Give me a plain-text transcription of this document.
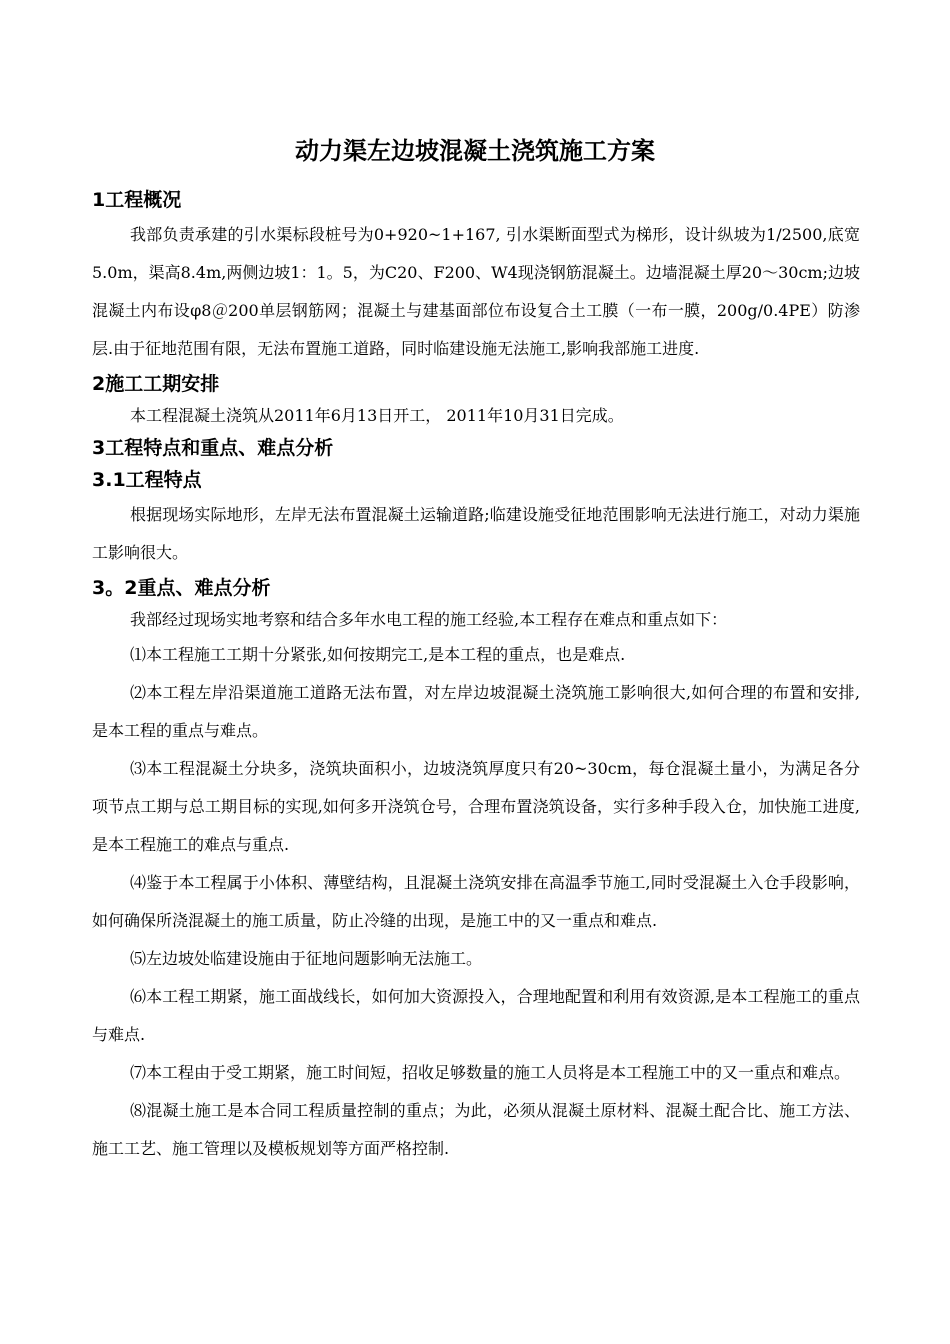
动力渠左边坡混凝土浇筑施工方案
1工程概况

我部负责承建的引水渠标段桩号为0+920~1+167, 引水渠断面型式为梯形，设计纵坡为1/2500,底宽5.0m，渠高8.4m,两侧边坡1：1。5，为C20、F200、W4现浇钢筋混凝土。边墙混凝土厚20～30cm;边坡混凝土内布设φ8＠200单层钢筋网；混凝土与建基面部位布设复合土工膜（一布一膜，200g/0.4PE）防渗层.由于征地范围有限，无法布置施工道路，同时临建设施无法施工,影响我部施工进度.

2施工工期安排

本工程混凝土浇筑从2011年6月13日开工， 2011年10月31日完成。

3工程特点和重点、难点分析
3.1工程特点

根据现场实际地形，左岸无法布置混凝土运输道路;临建设施受征地范围影响无法进行施工，对动力渠施工影响很大。

3。2重点、难点分析

我部经过现场实地考察和结合多年水电工程的施工经验,本工程存在难点和重点如下：

⑴本工程施工工期十分紧张,如何按期完工,是本工程的重点，也是难点.

⑵本工程左岸沿渠道施工道路无法布置，对左岸边坡混凝土浇筑施工影响很大,如何合理的布置和安排,是本工程的重点与难点。

⑶本工程混凝土分块多，浇筑块面积小，边坡浇筑厚度只有20~30cm，每仓混凝土量小，为满足各分项节点工期与总工期目标的实现,如何多开浇筑仓号，合理布置浇筑设备，实行多种手段入仓，加快施工进度,是本工程施工的难点与重点.

⑷鉴于本工程属于小体积、薄壁结构，且混凝土浇筑安排在高温季节施工,同时受混凝土入仓手段影响，如何确保所浇混凝土的施工质量，防止冷缝的出现，是施工中的又一重点和难点.

⑸左边坡处临建设施由于征地问题影响无法施工。

⑹本工程工期紧，施工面战线长，如何加大资源投入，合理地配置和利用有效资源,是本工程施工的重点与难点.

⑺本工程由于受工期紧，施工时间短，招收足够数量的施工人员将是本工程施工中的又一重点和难点。

⑻混凝土施工是本合同工程质量控制的重点；为此，必须从混凝土原材料、混凝土配合比、施工方法、施工工艺、施工管理以及模板规划等方面严格控制.
